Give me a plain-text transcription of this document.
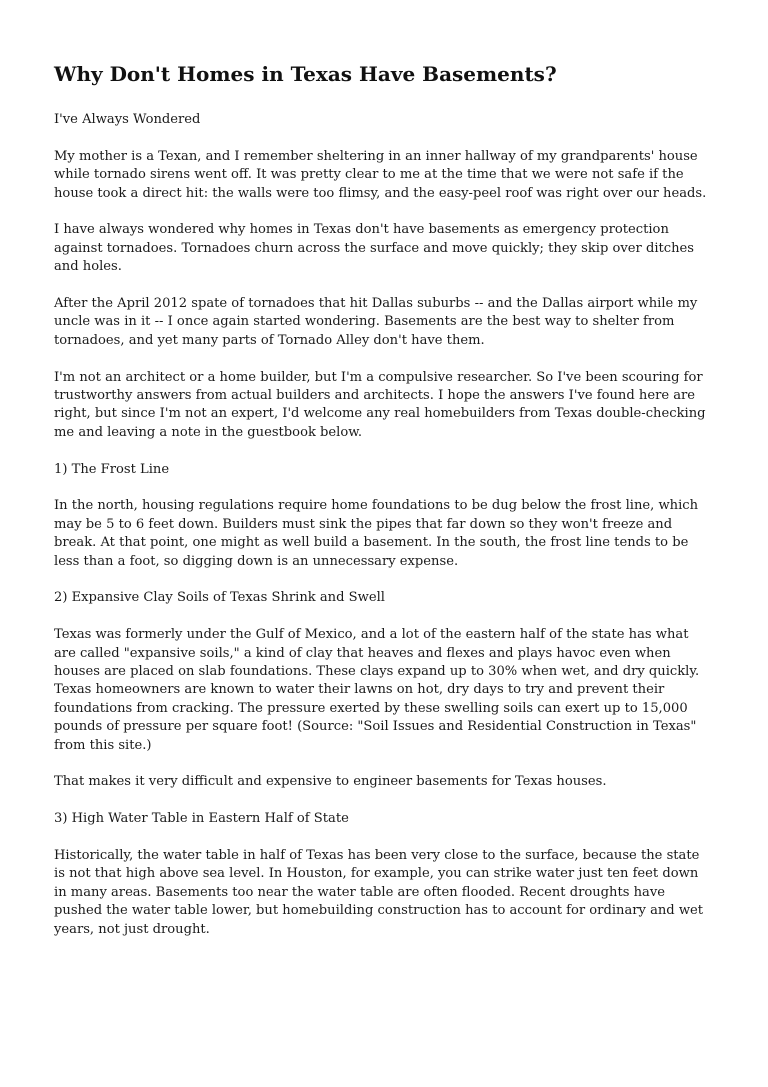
Why Don't Homes in Texas Have Basements?

I've Always Wondered

My mother is a Texan, and I remember sheltering in an inner hallway of my grandparents' house while tornado sirens went off. It was pretty clear to me at the time that we were not safe if the house took a direct hit: the walls were too flimsy, and the easy-peel roof was right over our heads.

I have always wondered why homes in Texas don't have basements as emergency protection against tornadoes. Tornadoes churn across the surface and move quickly; they skip over ditches and holes.

After the April 2012 spate of tornadoes that hit Dallas suburbs -- and the Dallas airport while my uncle was in it -- I once again started wondering. Basements are the best way to shelter from tornadoes, and yet many parts of Tornado Alley don't have them.

I'm not an architect or a home builder, but I'm a compulsive researcher. So I've been scouring for trustworthy answers from actual builders and architects. I hope the answers I've found here are right, but since I'm not an expert, I'd welcome any real homebuilders from Texas double-checking me and leaving a note in the guestbook below.

1) The Frost Line

In the north, housing regulations require home foundations to be dug below the frost line, which may be 5 to 6 feet down. Builders must sink the pipes that far down so they won't freeze and break. At that point, one might as well build a basement. In the south, the frost line tends to be less than a foot, so digging down is an unnecessary expense.

2) Expansive Clay Soils of Texas Shrink and Swell

Texas was formerly under the Gulf of Mexico, and a lot of the eastern half of the state has what are called "expansive soils," a kind of clay that heaves and flexes and plays havoc even when houses are placed on slab foundations. These clays expand up to 30% when wet, and dry quickly. Texas homeowners are known to water their lawns on hot, dry days to try and prevent their foundations from cracking. The pressure exerted by these swelling soils can exert up to 15,000 pounds of pressure per square foot! (Source: "Soil Issues and Residential Construction in Texas" from this site.)

That makes it very difficult and expensive to engineer basements for Texas houses.

3) High Water Table in Eastern Half of State

Historically, the water table in half of Texas has been very close to the surface, because the state is not that high above sea level. In Houston, for example, you can strike water just ten feet down in many areas. Basements too near the water table are often flooded. Recent droughts have pushed the water table lower, but homebuilding construction has to account for ordinary and wet years, not just drought.
